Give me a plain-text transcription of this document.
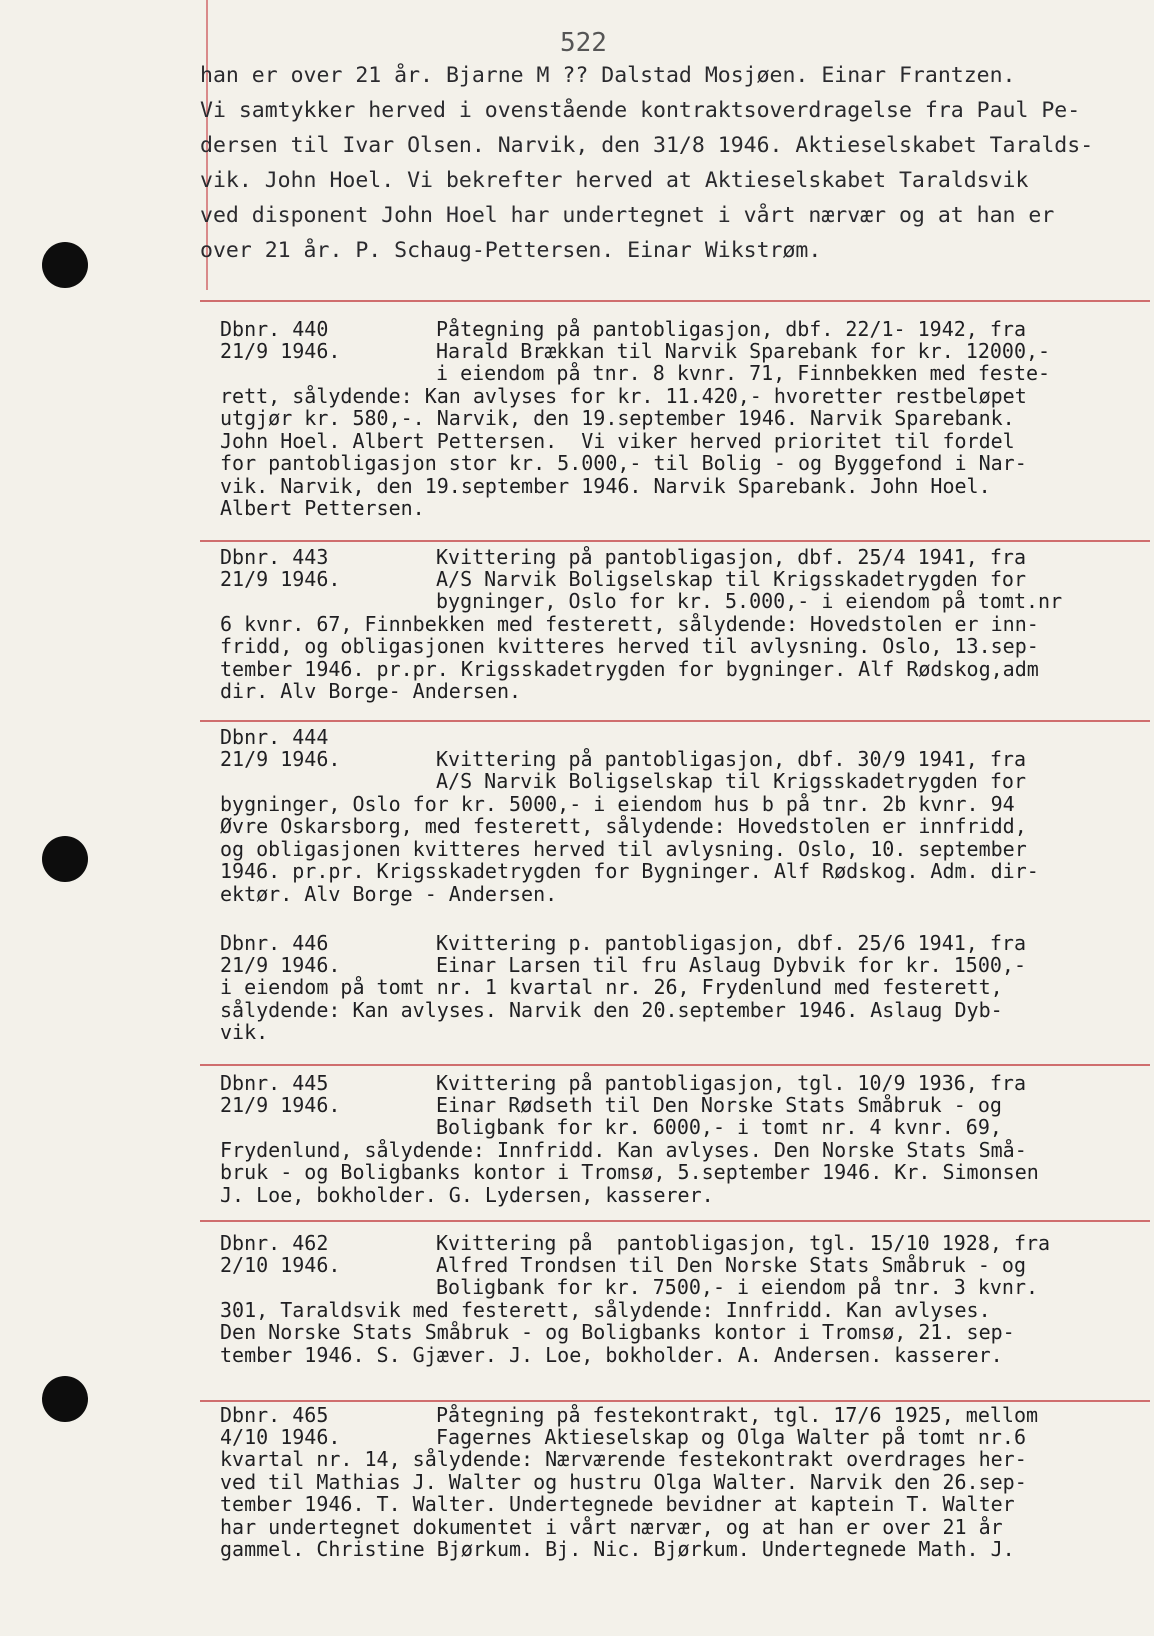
522
han er over 21 år. Bjarne M ?? Dalstad Mosjøen. Einar Frantzen.
Vi samtykker herved i ovenstående kontraktsoverdragelse fra Paul Pe-
dersen til Ivar Olsen. Narvik, den 31/8 1946. Aktieselskabet Taralds-
vik. John Hoel. Vi bekrefter herved at Aktieselskabet Taraldsvik
ved disponent John Hoel har undertegnet i vårt nærvær og at han er
over 21 år. P. Schaug-Pettersen. Einar Wikstrøm.
Dbnr. 440
21/9 1946.
Påtegning på pantobligasjon, dbf. 22/1- 1942, fra
Harald Brækkan til Narvik Sparebank for kr. 12000,-
i eiendom på tnr. 8 kvnr. 71, Finnbekken med feste-
rett, sålydende: Kan avlyses for kr. 11.420,- hvoretter restbeløpet
utgjør kr. 580,-. Narvik, den 19.september 1946. Narvik Sparebank.
John Hoel. Albert Pettersen.  Vi viker herved prioritet til fordel
for pantobligasjon stor kr. 5.000,- til Bolig - og Byggefond i Nar-
vik. Narvik, den 19.september 1946. Narvik Sparebank. John Hoel.
Albert Pettersen.
Dbnr. 443
21/9 1946.
Kvittering på pantobligasjon, dbf. 25/4 1941, fra
A/S Narvik Boligselskap til Krigsskadetrygden for
bygninger, Oslo for kr. 5.000,- i eiendom på tomt.nr
6 kvnr. 67, Finnbekken med festerett, sålydende: Hovedstolen er inn-
fridd, og obligasjonen kvitteres herved til avlysning. Oslo, 13.sep-
tember 1946. pr.pr. Krigsskadetrygden for bygninger. Alf Rødskog,adm
dir. Alv Borge- Andersen.
Dbnr. 444
21/9 1946.	Kvittering på pantobligasjon, dbf. 30/9 1941, fra
A/S Narvik Boligselskap til Krigsskadetrygden for
bygninger, Oslo for kr. 5000,- i eiendom hus b på tnr. 2b kvnr. 94
Øvre Oskarsborg, med festerett, sålydende: Hovedstolen er innfridd,
og obligasjonen kvitteres herved til avlysning. Oslo, 10. september
1946. pr.pr. Krigsskadetrygden for Bygninger. Alf Rødskog. Adm. dir-
ektør. Alv Borge - Andersen.
Dbnr. 446
21/9 1946.
Kvittering p. pantobligasjon, dbf. 25/6 1941, fra
Einar Larsen til fru Aslaug Dybvik for kr. 1500,-
i eiendom på tomt nr. 1 kvartal nr. 26, Frydenlund med festerett,
sålydende: Kan avlyses. Narvik den 20.september 1946. Aslaug Dyb-
vik.
Dbnr. 445
21/9 1946.
Kvittering på pantobligasjon, tgl. 10/9 1936, fra
Einar Rødseth til Den Norske Stats Småbruk - og
Boligbank for kr. 6000,- i tomt nr. 4 kvnr. 69,
Frydenlund, sålydende: Innfridd. Kan avlyses. Den Norske Stats Små-
bruk - og Boligbanks kontor i Tromsø, 5.september 1946. Kr. Simonsen
J. Loe, bokholder. G. Lydersen, kasserer.
Dbnr. 462
2/10 1946.
Kvittering på  pantobligasjon, tgl. 15/10 1928, fra
Alfred Trondsen til Den Norske Stats Småbruk - og
Boligbank for kr. 7500,- i eiendom på tnr. 3 kvnr.
301, Taraldsvik med festerett, sålydende: Innfridd. Kan avlyses.
Den Norske Stats Småbruk - og Boligbanks kontor i Tromsø, 21. sep-
tember 1946. S. Gjæver. J. Loe, bokholder. A. Andersen. kasserer.
Dbnr. 465
4/10 1946.
Påtegning på festekontrakt, tgl. 17/6 1925, mellom
Fagernes Aktieselskap og Olga Walter på tomt nr.6
kvartal nr. 14, sålydende: Nærværende festekontrakt overdrages her-
ved til Mathias J. Walter og hustru Olga Walter. Narvik den 26.sep-
tember 1946. T. Walter. Undertegnede bevidner at kaptein T. Walter
har undertegnet dokumentet i vårt nærvær, og at han er over 21 år
gammel. Christine Bjørkum. Bj. Nic. Bjørkum. Undertegnede Math. J.
